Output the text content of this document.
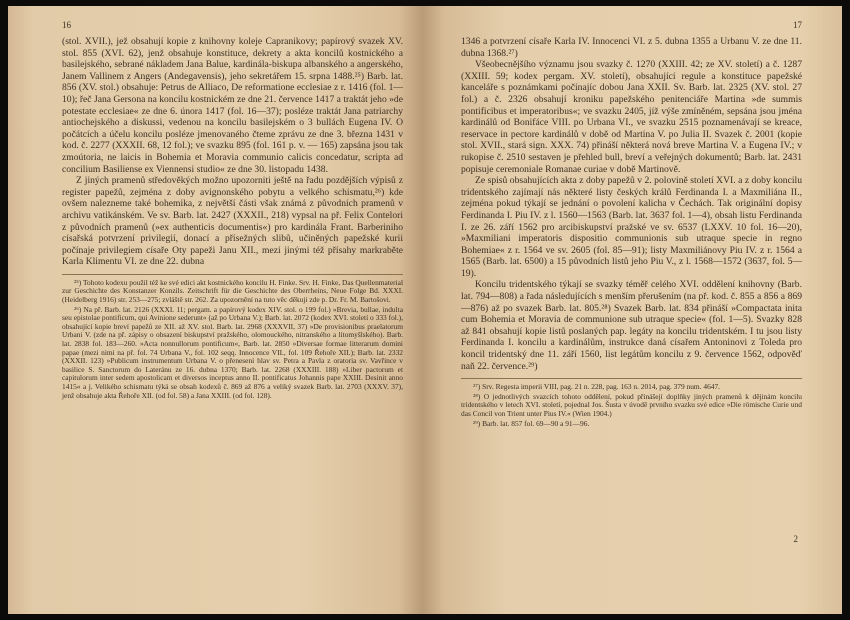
16

(stol. XVII.), jež obsahují kopie z knihovny koleje Capranikovy; papírový svazek XV. stol. 855 (XVI. 62), jenž obsahuje konstituce, dekrety a akta koncilů kostnického a basilejského, sebrané nákladem Jana Balue, kardinála-biskupa albanského a angerského, Janem Vallinem z Angers (Andegavensis), jeho sekretářem 15. srpna 1488.²⁵) Barb. lat. 856 (XV. stol.) obsahuje: Petrus de Alliaco, De reformatione ecclesiae z r. 1416 (fol. 1—10); řeč Jana Gersona na koncilu kostnickém ze dne 21. července 1417 a traktát jeho »de potestate ecclesiae« ze dne 6. února 1417 (fol. 16—37); posléze traktát Jana patriarchy antiochejského a diskussi, vedenou na koncilu basilejském o 3 bullách Eugena IV. O počátcích a účelu koncilu posléze jmenovaného čteme zprávu ze dne 3. března 1431 v kod. č. 2277 (XXXII. 68, 12 fol.); ve svazku 895 (fol. 161 p. v. — 165) zapsána jsou tak zmoútoria, ne laicis in Bohemia et Moravia communio calicis concedatur, scripta ad concilium Basiliense ex Viennensi studio« ze dne 30. listopadu 1438.

Z jiných pramenů středověkých možno upozorniti ještě na řadu pozdějších výpisů z register papežů, zejména z doby avignonského pobytu a velkého schismatu,²⁶) kde ovšem nalezneme také bohemika, z největší části však známá z původních pramenů v archivu vatikánském. Ve sv. Barb. lat. 2427 (XXXII., 218) vypsal na př. Felix Contelori z původních pramenů (»ex authenticis documentis«) pro kardinála Frant. Barberiniho císařská potvrzení privilegií, donací a přísežných slibů, učiněných papežské kurii počínaje privilegiem císaře Oty papeži Janu XII., mezi jinými též přísahy markraběte Karla Klimentu VI. ze dne 22. dubna

²⁵) Tohoto kodexu použil též ke své edici akt kostnického koncilu H. Finke. Srv. H. Finke, Das Quellenmaterial zur Geschichte des Konstanzer Konzils. Zeitschrift für die Geschichte des Oberrheins, Neue Folge Bd. XXXI. (Heidelberg 1916) str. 253—275; zvláště str. 262. Za upozornění na tuto věc děkuji zde p. Dr. Fr. M. Bartošovi.

²⁶) Na př. Barb. lat. 2126 (XXXI. 11; pergam. a papírový kodex XIV. stol. o 199 fol.) »Brevia, bullae, indulta seu epistolae pontificum, qui Avinione sederunt« (až po Urbana V.); Barb. lat. 2072 (kodex XVI. století o 333 fol.), obsahující kopie breví papežů ze XII. až XV. stol. Barb. lat. 2968 (XXXVII, 37) »De provisionibus praelatorum Urbani V. (zde na př. zápisy o obsazení biskupství pražského, olomouckého, nitranského a litomyšlského). Barb. lat. 2838 fol. 183—260. »Acta nonnullorum pontificum«, Barb. lat. 2850 »Diversae formae litterarum domini papae (mezi nimi na př. fol. 74 Urbana V., fol. 102 seqq. Innocence VII., fol. 109 Řehoře XII.); Barb. lat. 2332 (XXXII. 123) »Publicum instrumentum Urbana V. o přenesení hlav sv. Petra a Pavla z oratoria sv. Vavřince v basilice S. Sanctorum do Lateránu ze 16. dubna 1370; Barb. lat. 2268 (XXXIII. 188) »Liber pactorum et capitulorum inter sedem apostolicam et diversos inceptus anno II. pontificatus Johannis pape XXIII. Desinit anno 1415« a j. Velikého schismatu týká se obsah kodexů č. 869 až 876 a veliký svazek Barb. lat. 2703 (XXXV. 37), jenž obsahuje akta Řehoře XII. (od fol. 58) a Jana XXIII. (od fol. 128).

17

1346 a potvrzení císaře Karla IV. Innocenci VI. z 5. dubna 1355 a Urbanu V. ze dne 11. dubna 1368.²⁷)

Všeobecnějšího významu jsou svazky č. 1270 (XXIII. 42; ze XV. století) a č. 1287 (XXIII. 59; kodex pergam. XV. století), obsahující regule a konstituce papežské kanceláře s poznámkami počínajíc dobou Jana XXII. Sv. Barb. lat. 2325 (XV. stol. 27 fol.) a č. 2326 obsahují kroniku papežského penitenciáře Martina »de summis pontificibus et imperatoribus«; ve svazku 2405, jíž výše zmíněném, sepsána jsou jména kardinálů od Bonifáce VIII. po Urbana VI., ve svazku 2515 poznamenávají se kreace, reservace in pectore kardinálů v době od Martina V. po Julia II. Svazek č. 2001 (kopie stol. XVII., stará sign. XXX. 74) přináší některá nová breve Martina V. a Eugena IV.; v rukopise č. 2510 sestaven je přehled bull, breví a veřejných dokumentů; Barb. lat. 2431 popisuje ceremoniale Romanae curiae v době Martinově.

Ze spisů obsahujících akta z doby papežů v 2. polovině století XVI. a z doby koncilu tridentského zajímají nás některé listy českých králů Ferdinanda I. a Maxmiliána II., zejména pokud týkají se jednání o povolení kalicha v Čechách. Tak originální dopisy Ferdinanda I. Piu IV. z l. 1560—1563 (Barb. lat. 3637 fol. 1—4), obsah listu Ferdinanda I. ze 26. září 1562 pro arcibiskupství pražské ve sv. 6537 (LXXV. 10 fol. 16—20), »Maxmiliani imperatoris dispositio communionis sub utraque specie in regno Bohemiae« z r. 1564 ve sv. 2605 (fol. 85—91); listy Maxmiliánovy Piu IV. z r. 1564 a 1565 (Barb. lat. 6500) a 15 původních listů jeho Piu V., z l. 1568—1572 (3637, fol. 5—19).

Koncilu tridentského týkají se svazky téměř celého XVI. oddělení knihovny (Barb. lat. 794—808) a řada následujících s menším přerušením (na př. kod. č. 855 a 856 a 869—876) až po svazek Barb. lat. 805.²⁸) Svazek Barb. lat. 834 přináší »Compactata inita cum Bohemia et Moravia de communione sub utraque specie« (fol. 1—5). Svazky 828 až 841 obsahují kopie listů poslaných pap. legáty na koncilu tridentském. I tu jsou listy Ferdinanda I. koncilu a kardinálům, instrukce daná císařem Antoninovi z Toleda pro koncil tridentský dne 11. září 1560, list legátům koncilu z 9. července 1562, odpověď naň 22. července.²⁹)

²⁷) Srv. Regesta imperii VIII, pag. 21 n. 228, pag. 163 n. 2014, pag. 379 num. 4647.

²⁸) O jednotlivých svazcích tohoto oddělení, pokud přinášejí doplňky jiných pramenů k dějinám koncilu tridentského v letech XVI. století, pojednal Jos. Šusta v úvodě prvního svazku své edice »Die römische Curie und das Concil von Trient unter Pius IV.« (Wien 1904.)

²⁹) Barb. lat. 857 fol. 69—90 a 91—96.

2
